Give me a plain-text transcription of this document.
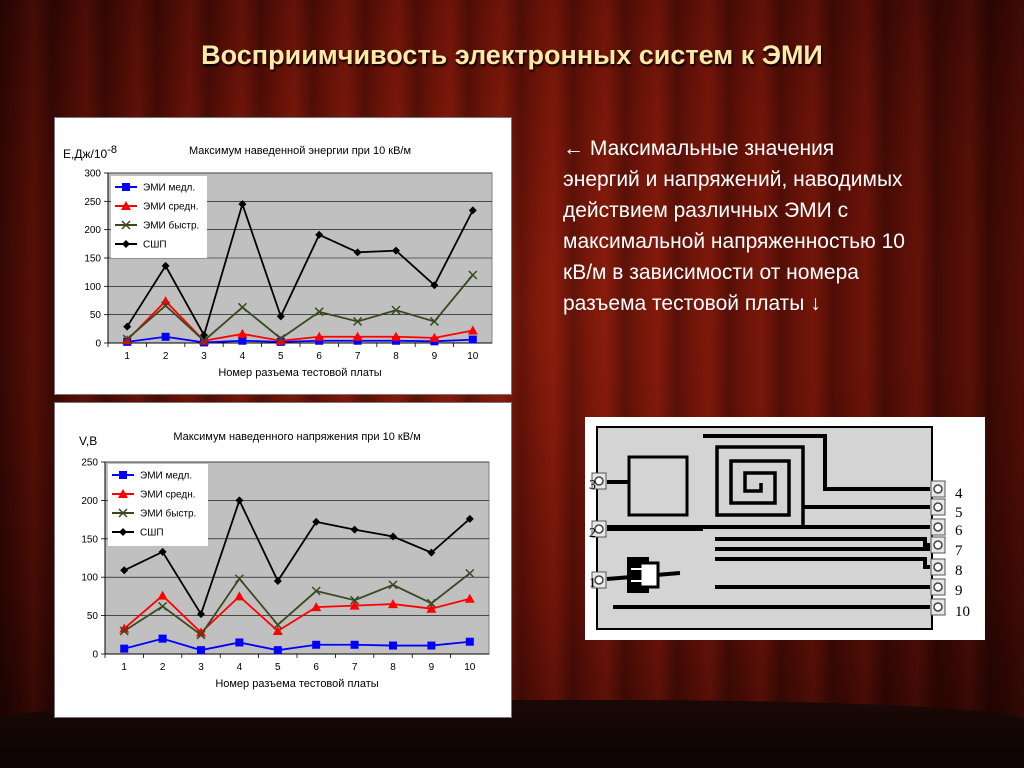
Восприимчивость электронных систем к ЭМИ
Максимум наведенной энергии при 10 кВ/м
Е,Дж/10-8
0
50
100
150
200
250
300
1	2	3	4	5	6	7	8	9	10
Номер разъема тестовой платы
ЭМИ медл.
ЭМИ средн.
ЭМИ быстр.
СШП
Максимум наведенного напряжения при 10 кВ/м
V,B
0
50
100
150
200
250
1	2	3	4	5	6	7	8	9	10
Номер разъема тестовой платы
ЭМИ медл.
ЭМИ средн.
ЭМИ быстр.
СШП
← Максимальные значения энергий и напряжений, наводимых действием различных ЭМИ с максимальной напряженностью 10 кВ/м в зависимости от номера разъема тестовой платы ↓
1
2
3
4
5
6
7
8
9
10
